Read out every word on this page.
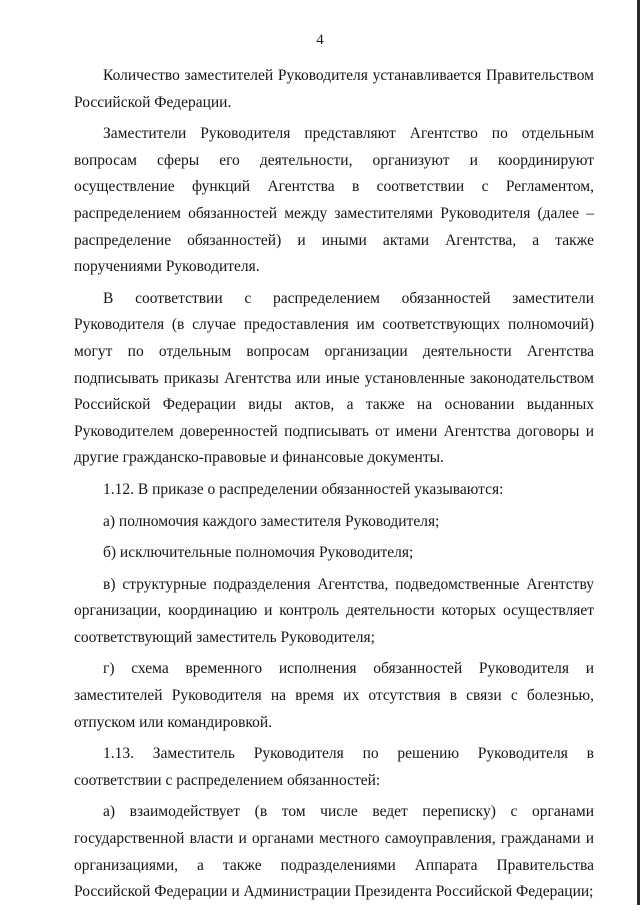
4

Количество заместителей Руководителя устанавливается Правительством Российской Федерации.

Заместители Руководителя представляют Агентство по отдельным вопросам сферы его деятельности, организуют и координируют осуществление функций Агентства в соответствии с Регламентом, распределением обязанностей между заместителями Руководителя (далее – распределение обязанностей) и иными актами Агентства, а также поручениями Руководителя.

В соответствии с распределением обязанностей заместители Руководителя (в случае предоставления им соответствующих полномочий) могут по отдельным вопросам организации деятельности Агентства подписывать приказы Агентства или иные установленные законодательством Российской Федерации виды актов, а также на основании выданных Руководителем доверенностей подписывать от имени Агентства договоры и другие гражданско-правовые и финансовые документы.

1.12. В приказе о распределении обязанностей указываются:

а) полномочия каждого заместителя Руководителя;

б) исключительные полномочия Руководителя;

в) структурные подразделения Агентства, подведомственные Агентству организации, координацию и контроль деятельности которых осуществляет соответствующий заместитель Руководителя;

г) схема временного исполнения обязанностей Руководителя и заместителей Руководителя на время их отсутствия в связи с болезнью, отпуском или командировкой.

1.13. Заместитель Руководителя по решению Руководителя в соответствии с распределением обязанностей:

а) взаимодействует (в том числе ведет переписку) с органами государственной власти и органами местного самоуправления, гражданами и организациями, а также подразделениями Аппарата Правительства Российской Федерации и Администрации Президента Российской Федерации;
